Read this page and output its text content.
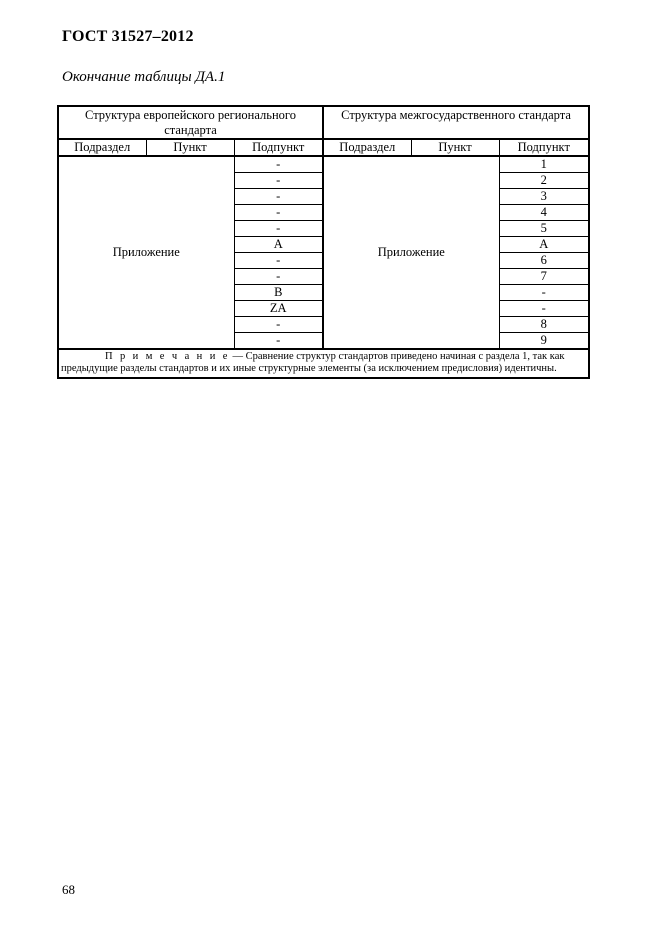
ГОСТ 31527–2012
Окончание таблицы ДА.1
Структура европейского регионального стандарта			Структура межгосударственного стандарта		
Подраздел	Пункт	Подпункт	Подраздел	Пункт	Подпункт
Приложение		-	Приложение		1
		-			2
		-			3
		-			4
		-			5
		А			А
		-			6
		-			7
		В			-
		ZA			-
		-			8
		-			9
П р и м е ч а н и е — Сравнение структур стандартов приведено начиная с раздела 1, так как предыдущие разделы стандартов и их иные структурные элементы (за исключением предисловия) идентичны.					
68
